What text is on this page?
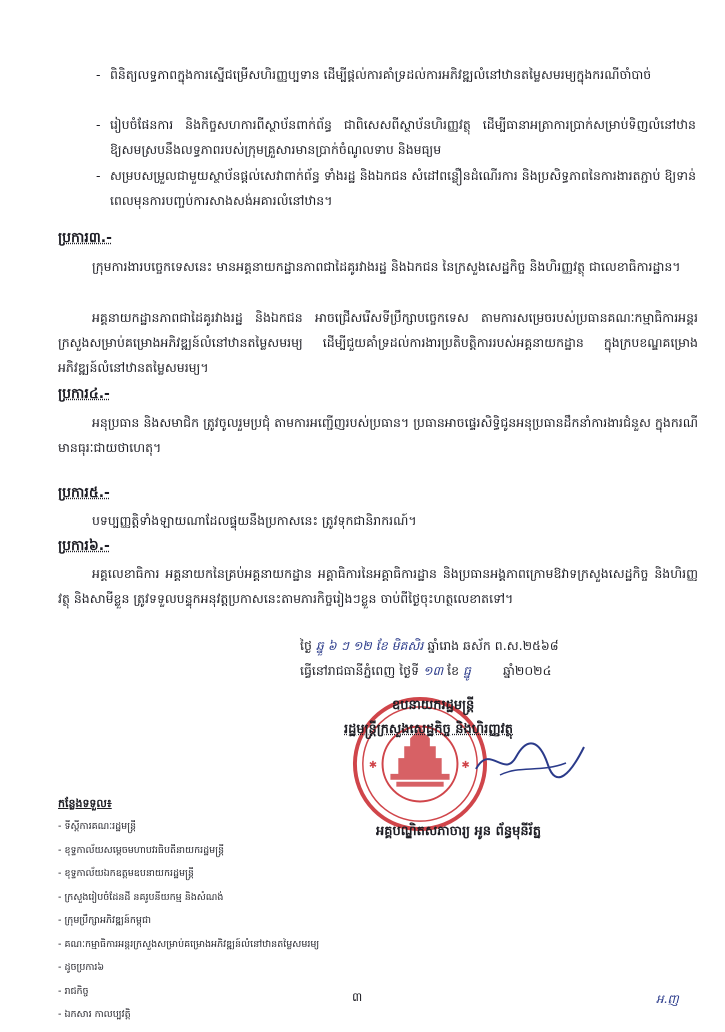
- ពិនិត្យលទ្ធភាពក្នុងការស្នើជម្រើសហិរញ្ញប្បទាន ដើម្បីផ្ដល់ការគាំទ្រដល់ការអភិវឌ្ឍលំនៅឋានតម្លៃសមរម្យក្នុងករណីចាំបាច់
- រៀបចំផែនការ និងកិច្ចសហការពីស្ថាប័នពាក់ព័ន្ធ ជាពិសេសពីស្ថាប័នហិរញ្ញវត្ថុ ដើម្បីធានាអត្រាការប្រាក់សម្រាប់ទិញលំនៅឋាន ឱ្យសមស្របនឹងលទ្ធភាពរបស់ក្រុមគ្រួសារមានប្រាក់ចំណូលទាប និងមធ្យម
- សម្របសម្រួលជាមួយស្ថាប័នផ្ដល់សេវាពាក់ព័ន្ធ ទាំងរដ្ឋ និងឯកជន សំដៅពន្លឿនដំណើរការ និងប្រសិទ្ធភាពនៃការងារតភ្ជាប់ ឱ្យទាន់ពេលមុនការបញ្ចប់ការសាងសង់អគារលំនៅឋាន។
ប្រការ៣.-
ក្រុមការងារបច្ចេកទេសនេះ មានអគ្គនាយកដ្ឋានភាពជាដៃគូរវាងរដ្ឋ និងឯកជន នៃក្រសួងសេដ្ឋកិច្ច និងហិរញ្ញវត្ថុ ជាលេខាធិការដ្ឋាន។
អគ្គនាយកដ្ឋានភាពជាដៃគូរវាងរដ្ឋ និងឯកជន អាចជ្រើសរើសទីប្រឹក្សាបច្ចេកទេស តាមការសម្រេចរបស់ប្រធានគណៈកម្មាធិការអន្តរក្រសួងសម្រាប់គម្រោងអភិវឌ្ឍន៍លំនៅឋានតម្លៃសមរម្យ ដើម្បីជួយគាំទ្រដល់ការងារប្រតិបត្តិការរបស់អគ្គនាយកដ្ឋាន ក្នុងក្របខណ្ឌគម្រោងអភិវឌ្ឍន៍លំនៅឋានតម្លៃសមរម្យ។
ប្រការ៤.-
អនុប្រធាន និងសមាជិក ត្រូវចូលរួមប្រជុំ តាមការអញ្ជើញរបស់ប្រធាន។ ប្រធានអាចផ្ទេរសិទ្ធិជូនអនុប្រធានដឹកនាំការងារជំនួស ក្នុងករណីមានធុរៈជាយថាហេតុ។
ប្រការ៥.-
បទប្បញ្ញត្តិទាំងឡាយណាដែលផ្ទុយនឹងប្រកាសនេះ ត្រូវទុកជានិរាករណ៍។
ប្រការ៦.-
អគ្គលេខាធិការ អគ្គនាយកនៃគ្រប់អគ្គនាយកដ្ឋាន អគ្គាធិការនៃអគ្គាធិការដ្ឋាន និងប្រធានអង្គភាពក្រោមឱវាទក្រសួងសេដ្ឋកិច្ច និងហិរញ្ញវត្ថុ និងសាមីខ្លួន ត្រូវទទួលបន្ទុកអនុវត្តប្រកាសនេះតាមភារកិច្ចរៀងៗខ្លួន ចាប់ពីថ្ងៃចុះហត្ថលេខាតទៅ។
ថ្ងៃ ឆ្នួ ៦ ៗ ១២ ខែ មិគសិរ ឆ្នាំរោង ឆស័ក ព.ស.២៥៦៨
ធ្វើនៅរាជធានីភ្នំពេញ ថ្ងៃទី ១៣ ខែ ធ្នូ	ឆ្នាំ២០២៤
✱	✱
ឧបនាយករដ្ឋមន្ត្រី
រដ្ឋមន្ត្រីក្រសួងសេដ្ឋកិច្ច និងហិរញ្ញវត្ថុ
អគ្គបណ្ឌិតសភាចារ្យ អូន ព័ន្ធមុនីរ័ត្ន
កន្លែងទទួល៖
- ទីស្ដីការគណៈរដ្ឋមន្ត្រី
- ខុទ្ទកាល័យសម្ដេចមហាបវរធិបតីនាយករដ្ឋមន្ត្រី
- ខុទ្ទកាល័យឯកឧត្ដមឧបនាយករដ្ឋមន្ត្រី
- ក្រសួងរៀបចំដែនដី នគរូបនីយកម្ម និងសំណង់
- ក្រុមប្រឹក្សាអភិវឌ្ឍន៍កម្ពុជា
- គណៈកម្មាធិការអន្តរក្រសួងសម្រាប់គម្រោងអភិវឌ្ឍន៍លំនៅឋានតម្លៃសមរម្យ
- ដូចប្រការ៦
- រាជកិច្ច
- ឯកសារ កាលប្បវត្តិ
៣	អ.ញ
